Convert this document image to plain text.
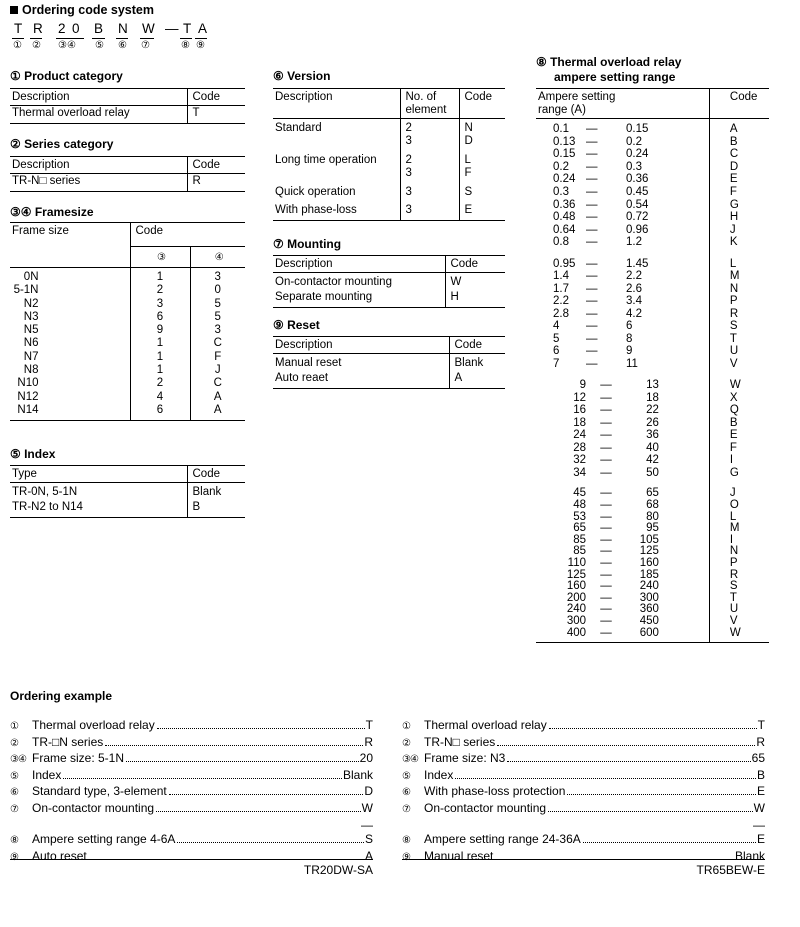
Ordering code system
T R 2 0 B N W — T A
① ② ③④ ⑤ ⑥ ⑦	⑧ ⑨
① Product category
Description	Code
Thermal overload relay	T
② Series category
Description	Code
TR-N□ series	R
③④ Framesize
Frame size	Code	
	③	④
0N	1	3
5-1N	2	0
N2	3	5
N3	6	5
N5	9	3
N6	1	C
N7	1	F
N8	1	J
N10	2	C
N12	4	A
N14	6	A
⑤ Index
Type	Code
TR-0N, 5-1N	Blank
TR-N2 to N14	B
⑥ Version
Description	No. of element	Code
Standard	2	N
	3	D
Long time operation	2	L
	3	F
Quick operation	3	S
With phase-loss	3	E
⑦ Mounting
Description	Code
On-contactor mounting	W
Separate mounting	H
⑨ Reset
Description	Code
Manual reset	Blank
Auto reaet	A
⑧ Thermal overload relay
ampere setting range
Ampere setting range (A)			Code
0.1	—	0.15	A
0.13	—	0.2	B
0.15	—	0.24	C
0.2	—	0.3	D
0.24	—	0.36	E
0.3	—	0.45	F
0.36	—	0.54	G
0.48	—	0.72	H
0.64	—	0.96	J
0.8	—	1.2	K
0.95	—	1.45	L
1.4	—	2.2	M
1.7	—	2.6	N
2.2	—	3.4	P
2.8	—	4.2	R
4	—	6	S
5	—	8	T
6	—	9	U
7	—	11	V
9	—	13	W
12	—	18	X
16	—	22	Q
18	—	26	B
24	—	36	E
28	—	40	F
32	—	42	I
34	—	50	G
45	—	65	J
48	—	68	O
53	—	80	L
65	—	95	M
85	—	105	I
85	—	125	N
110	—	160	P
125	—	185	R
160	—	240	S
200	—	300	T
240	—	360	U
300	—	450	V
400	—	600	W
Ordering example
①	Thermal overload relay	T
②	TR-□N series	R
③④ Frame size: 5-1N	20
⑤	Index	Blank
⑥	Standard type, 3-element	D
⑦	On-contactor mounting	W
—
⑧	Ampere setting range 4-6A	S
⑨	Auto reset	A
TR20DW-SA
①	Thermal overload relay	T
②	TR-N□ series	R
③④ Frame size: N3	65
⑤	Index	B
⑥	With phase-loss protection	E
⑦	On-contactor mounting	W
—
⑧	Ampere setting range 24-36A	E
⑨	Manual reset	Blank
TR65BEW-E
